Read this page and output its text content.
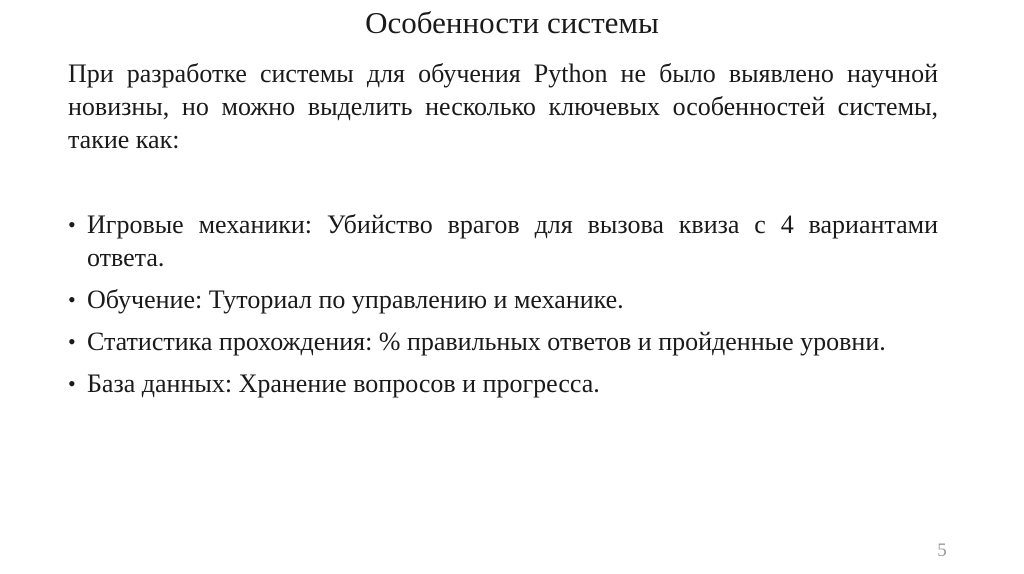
Особенности системы
При разработке системы для обучения Python не было выявлено научной новизны, но можно выделить несколько ключевых особенностей системы, такие как:
• Игровые механики: Убийство врагов для вызова квиза с 4 вариантами ответа.
• Обучение: Туториал по управлению и механике.
• Статистика прохождения: % правильных ответов и пройденные уровни.
• База данных: Хранение вопросов и прогресса.
5
